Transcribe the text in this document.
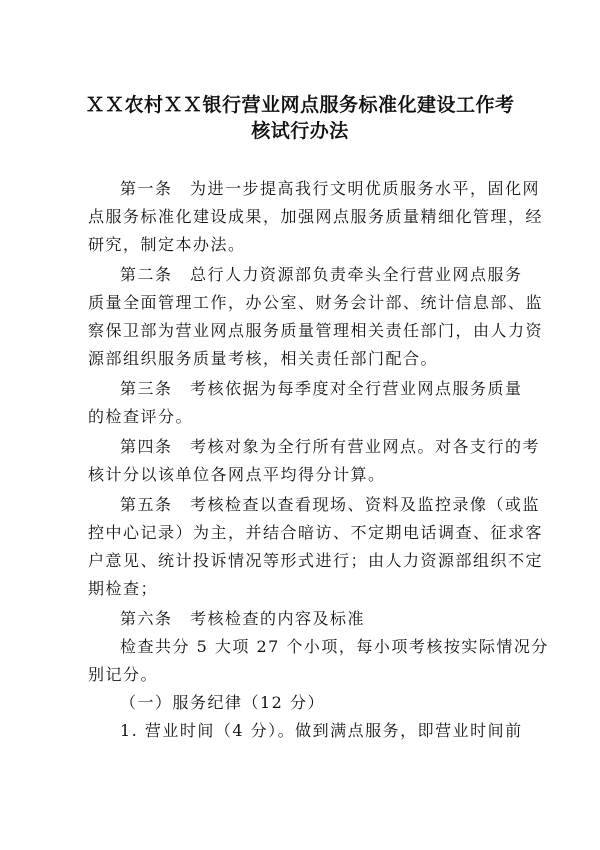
ＸＸ农村ＸＸ银行营业网点服务标准化建设工作考
核试行办法

第一条　为进一步提高我行文明优质服务水平，固化网

点服务标准化建设成果，加强网点服务质量精细化管理，经

研究，制定本办法。

第二条　总行人力资源部负责牵头全行营业网点服务

质量全面管理工作，办公室、财务会计部、统计信息部、监

察保卫部为营业网点服务质量管理相关责任部门，由人力资

源部组织服务质量考核，相关责任部门配合。

第三条　考核依据为每季度对全行营业网点服务质量

的检查评分。

第四条　考核对象为全行所有营业网点。对各支行的考

核计分以该单位各网点平均得分计算。

第五条　考核检查以查看现场、资料及监控录像（或监

控中心记录）为主，并结合暗访、不定期电话调查、征求客

户意见、统计投诉情况等形式进行；由人力资源部组织不定

期检查；

第六条　考核检查的内容及标准

检查共分 5 大项 27 个小项，每小项考核按实际情况分

别记分。

（一）服务纪律（12 分）

1. 营业时间（4 分）。做到满点服务，即营业时间前
